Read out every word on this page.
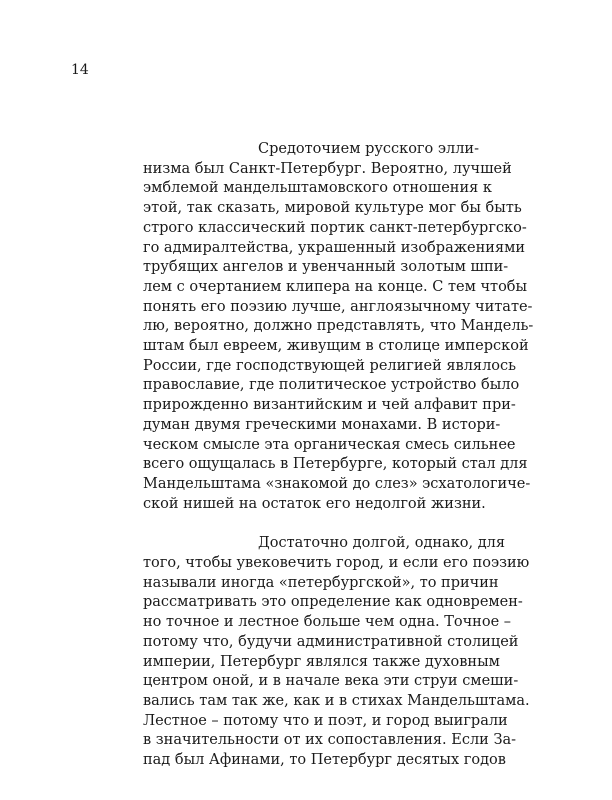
14
Средоточием русского элли-
низма был Санкт-Петербург. Вероятно, лучшей
эмблемой мандельштамовского отношения к
этой, так сказать, мировой культуре мог бы быть
строго классический портик санкт-петербургско-
го адмиралтейства, украшенный изображениями
трубящих ангелов и увенчанный золотым шпи-
лем с очертанием клипера на конце. С тем чтобы
понять его поэзию лучше, англоязычному читате-
лю, вероятно, должно представлять, что Мандель-
штам был евреем, живущим в столице имперской
России, где господствующей религией являлось
православие, где политическое устройство было
прирожденно византийским и чей алфавит при-
думан двумя греческими монахами. В истори-
ческом смысле эта органическая смесь сильнее
всего ощущалась в Петербурге, который стал для
Мандельштама «знакомой до слез» эсхатологиче-
ской нишей на остаток его недолгой жизни.
Достаточно долгой, однако, для
того, чтобы увековечить город, и если его поэзию
называли иногда «петербургской», то причин
рассматривать это определение как одновремен-
но точное и лестное больше чем одна. Точное –
потому что, будучи административной столицей
империи, Петербург являлся также духовным
центром оной, и в начале века эти струи смеши-
вались там так же, как и в стихах Мандельштама.
Лестное – потому что и поэт, и город выиграли
в значительности от их сопоставления. Если За-
пад был Афинами, то Петербург десятых годов
